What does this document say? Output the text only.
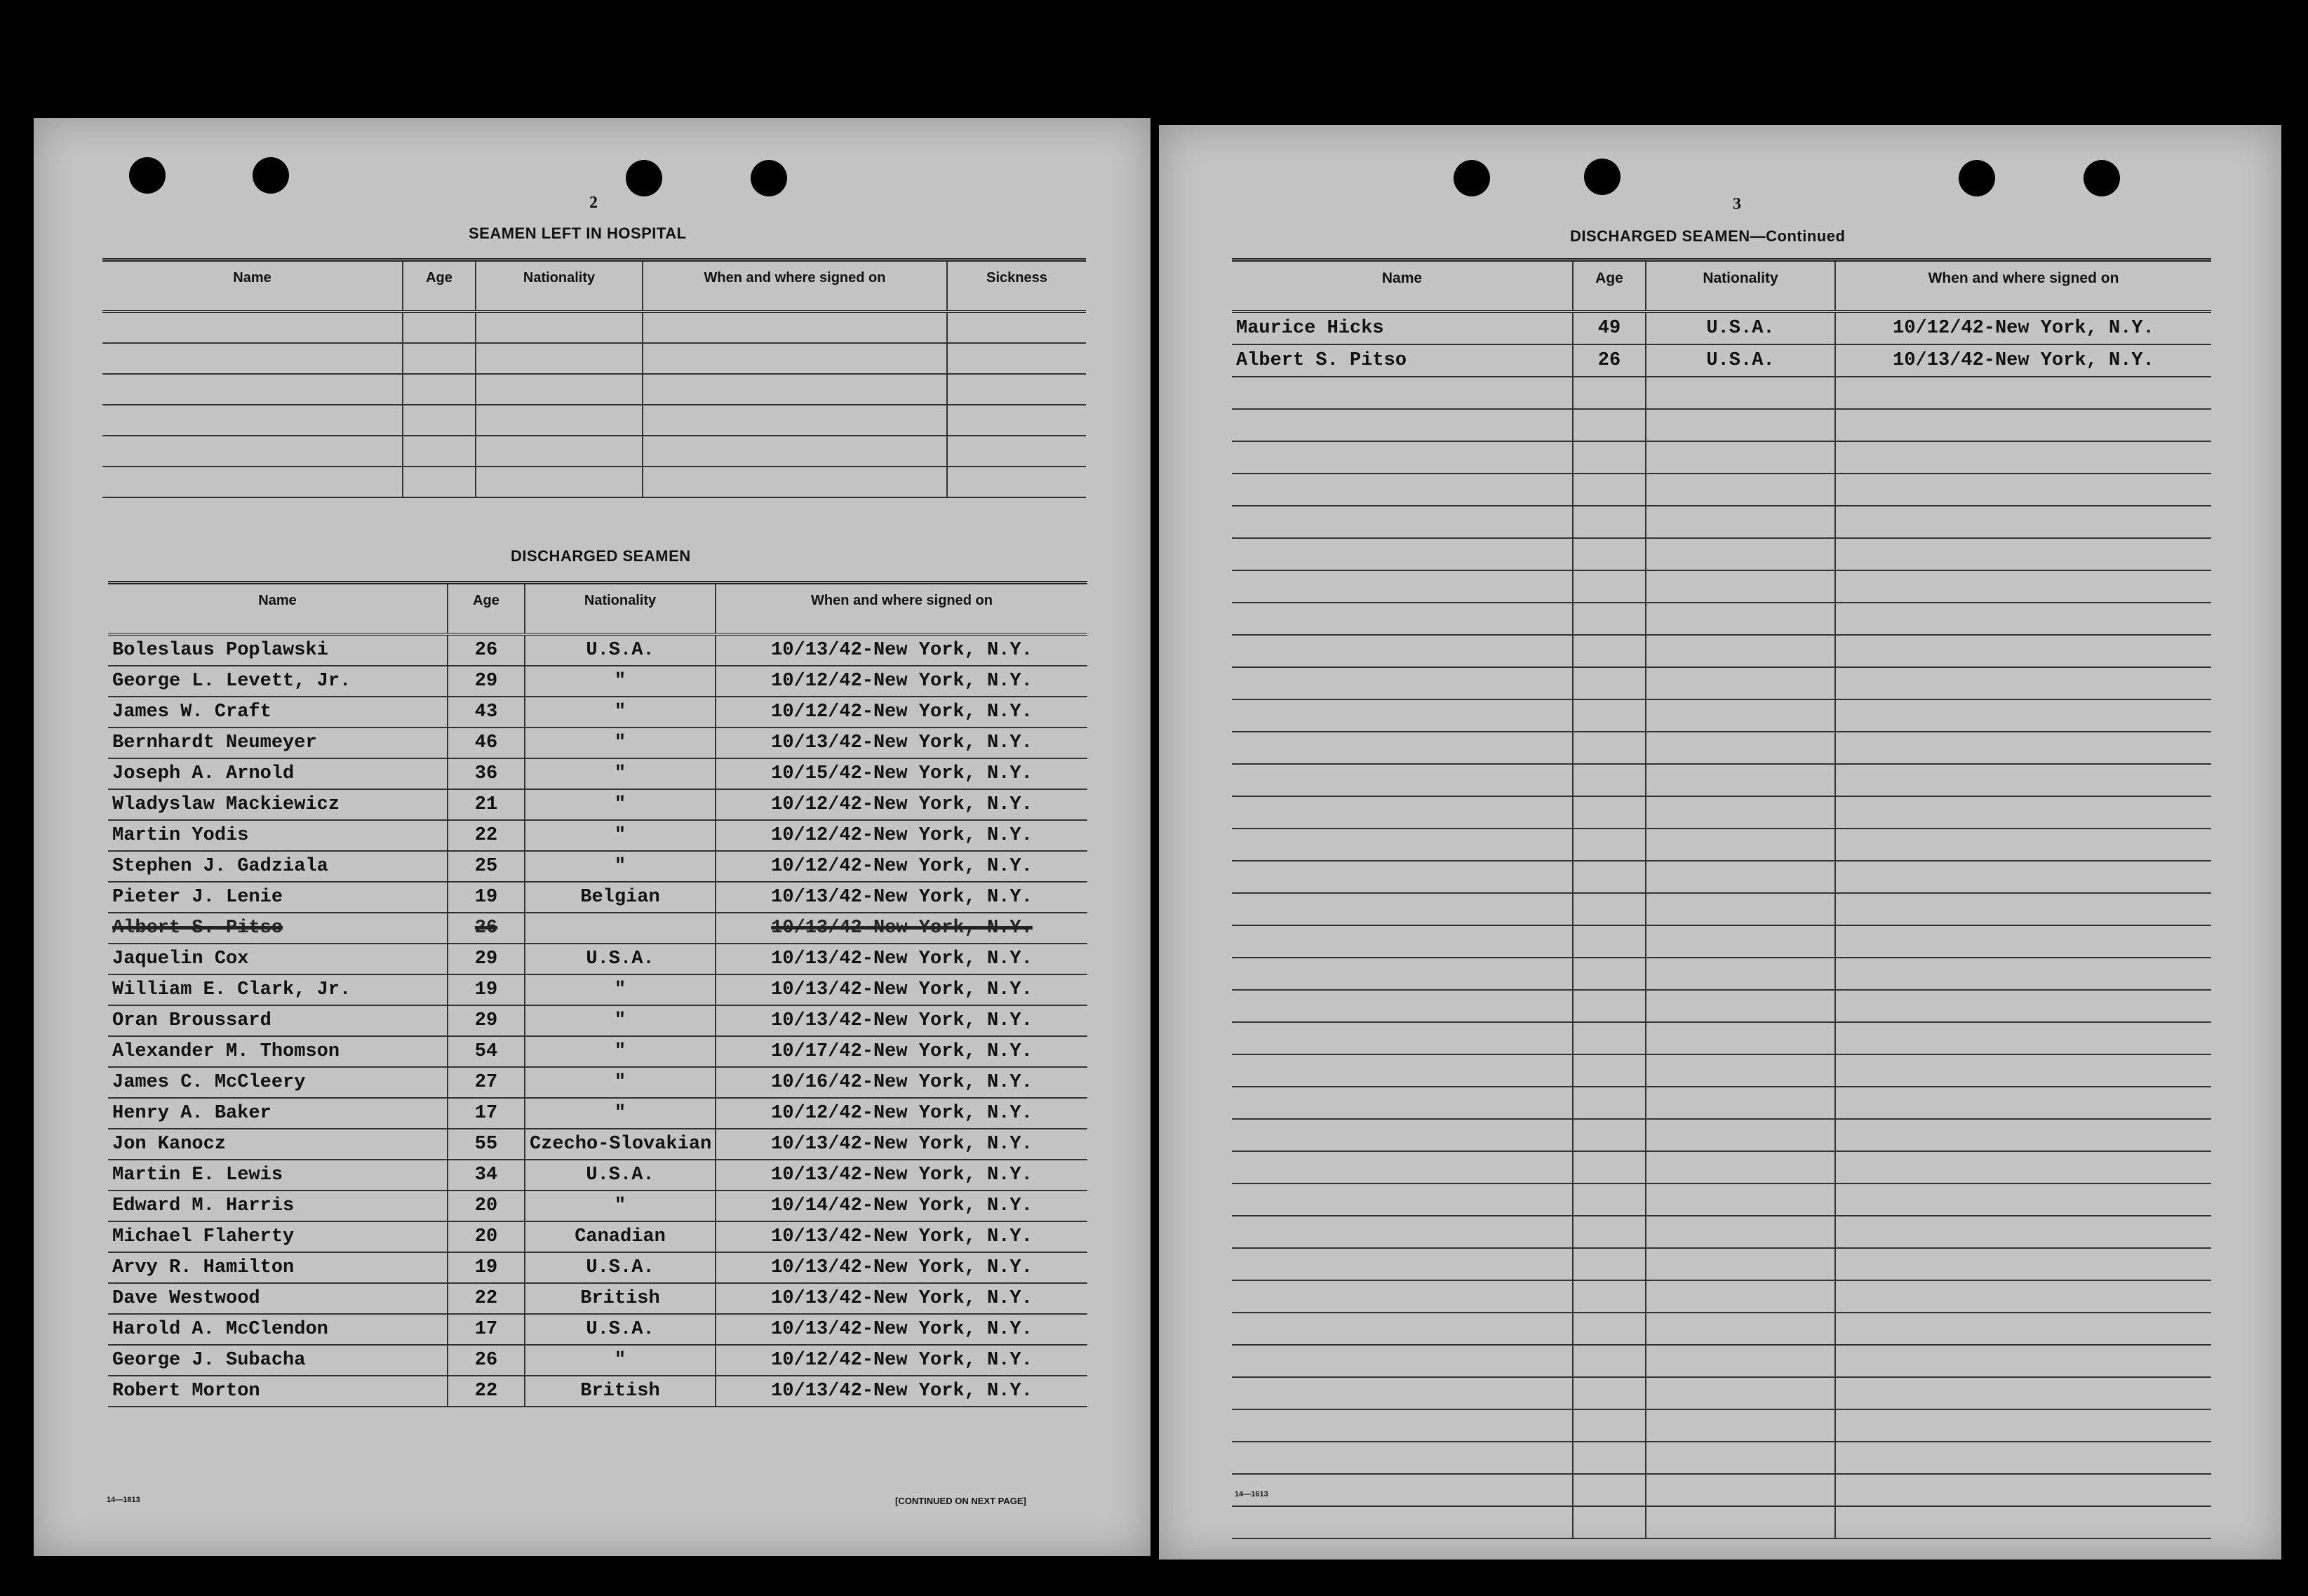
2
SEAMEN LEFT IN HOSPITAL
Name	Age	Nationality	When and where signed on	Sickness

DISCHARGED SEAMEN
Name	Age	Nationality	When and where signed on
Boleslaus Poplawski	26	U.S.A.	10/13/42-New York, N.Y.
George L. Levett, Jr.	29	"	10/12/42-New York, N.Y.
James W. Craft	43	"	10/12/42-New York, N.Y.
Bernhardt Neumeyer	46	"	10/13/42-New York, N.Y.
Joseph A. Arnold	36	"	10/15/42-New York, N.Y.
Wladyslaw Mackiewicz	21	"	10/12/42-New York, N.Y.
Martin Yodis	22	"	10/12/42-New York, N.Y.
Stephen J. Gadziala	25	"	10/12/42-New York, N.Y.
Pieter J. Lenie	19	Belgian	10/13/42-New York, N.Y.
Albert S. Pitso	26		10/13/42-New York, N.Y.
Jaquelin Cox	29	U.S.A.	10/13/42-New York, N.Y.
William E. Clark, Jr.	19	"	10/13/42-New York, N.Y.
Oran Broussard	29	"	10/13/42-New York, N.Y.
Alexander M. Thomson	54	"	10/17/42-New York, N.Y.
James C. McCleery	27	"	10/16/42-New York, N.Y.
Henry A. Baker	17	"	10/12/42-New York, N.Y.
Jon Kanocz	55	Czecho-Slovakian	10/13/42-New York, N.Y.
Martin E. Lewis	34	U.S.A.	10/13/42-New York, N.Y.
Edward M. Harris	20	"	10/14/42-New York, N.Y.
Michael Flaherty	20	Canadian	10/13/42-New York, N.Y.
Arvy R. Hamilton	19	U.S.A.	10/13/42-New York, N.Y.
Dave Westwood	22	British	10/13/42-New York, N.Y.
Harold A. McClendon	17	U.S.A.	10/13/42-New York, N.Y.
George J. Subacha	26	"	10/12/42-New York, N.Y.
Robert Morton	22	British	10/13/42-New York, N.Y.
14—1613	[CONTINUED ON NEXT PAGE]
3
DISCHARGED SEAMEN—Continued
Name	Age	Nationality	When and where signed on
Maurice Hicks	49	U.S.A.	10/12/42-New York, N.Y.
Albert S. Pitso	26	U.S.A.	10/13/42-New York, N.Y.

14—1613
